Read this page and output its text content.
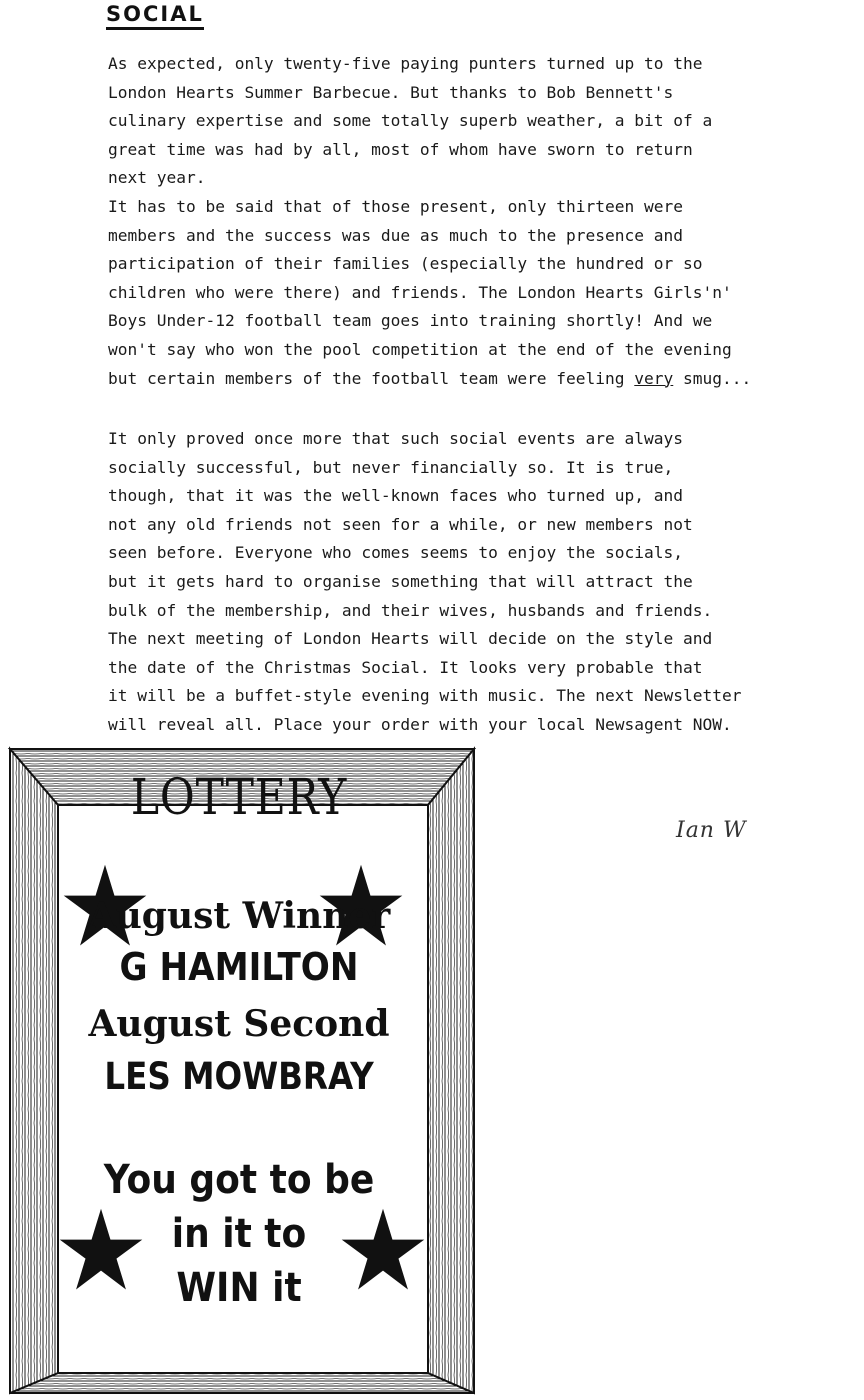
SOCIAL
As expected, only twenty-five paying punters turned up to the
London Hearts Summer Barbecue. But thanks to Bob Bennett's
culinary expertise and some totally superb weather, a bit of a
great time was had by all, most of whom have sworn to return
next year.
It has to be said that of those present, only thirteen were
members and the success was due as much to the presence and
participation of their families (especially the hundred or so
children who were there) and friends. The London Hearts Girls'n'
Boys Under-12 football team goes into training shortly! And we
won't say who won the pool competition at the end of the evening
but certain members of the football team were feeling very smug...
It only proved once more that such social events are always
socially successful, but never financially so. It is true,
though, that it was the well-known faces who turned up, and
not any old friends not seen for a while, or new members not
seen before. Everyone who comes seems to enjoy the socials,
but it gets hard to organise something that will attract the
bulk of the membership, and their wives, husbands and friends.
The next meeting of London Hearts will decide on the style and
the date of the Christmas Social. It looks very probable that
it will be a buffet-style evening with music. The next Newsletter
will reveal all. Place your order with your local Newsagent NOW.
Ian W
LOTTERY
August Winner
G HAMILTON
August Second
LES MOWBRAY
You got to be
in it to
WIN it
